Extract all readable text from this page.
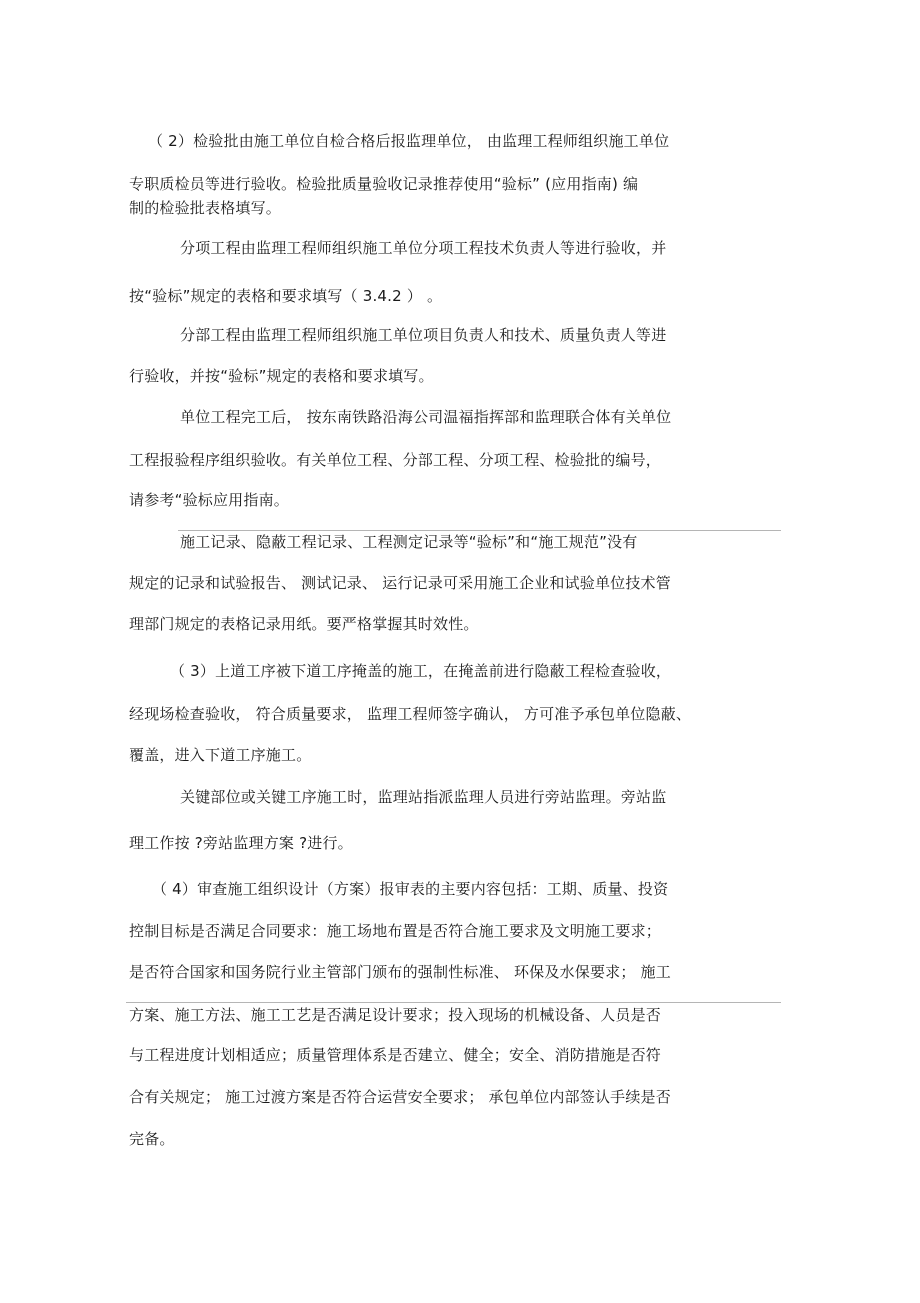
（ 2）检验批由施工单位自检合格后报监理单位， 由监理工程师组织施工单位
专职质检员等进行验收。检验批质量验收记录推荐使用“验标” (应用指南) 编
制的检验批表格填写。
分项工程由监理工程师组织施工单位分项工程技术负责人等进行验收，并
按“验标”规定的表格和要求填写（ 3.4.2 ） 。
分部工程由监理工程师组织施工单位项目负责人和技术、质量负责人等进
行验收，并按“验标”规定的表格和要求填写。
单位工程完工后， 按东南铁路沿海公司温福指挥部和监理联合体有关单位
工程报验程序组织验收。有关单位工程、分部工程、分项工程、检验批的编号，
请参考“验标应用指南。
施工记录、隐蔽工程记录、工程测定记录等“验标”和“施工规范”没有
规定的记录和试验报告、 测试记录、 运行记录可采用施工企业和试验单位技术管
理部门规定的表格记录用纸。要严格掌握其时效性。
（ 3）上道工序被下道工序掩盖的施工，在掩盖前进行隐蔽工程检查验收，
经现场检查验收， 符合质量要求， 监理工程师签字确认， 方可准予承包单位隐蔽、
覆盖，进入下道工序施工。
关键部位或关键工序施工时，监理站指派监理人员进行旁站监理。旁站监
理工作按 ?旁站监理方案 ?进行。
（ 4）审查施工组织设计（方案）报审表的主要内容包括：工期、质量、投资
控制目标是否满足合同要求：施工场地布置是否符合施工要求及文明施工要求；
是否符合国家和国务院行业主管部门颁布的强制性标准、 环保及水保要求； 施工
方案、施工方法、施工工艺是否满足设计要求；投入现场的机械设备、人员是否
与工程进度计划相适应；质量管理体系是否建立、健全；安全、消防措施是否符
合有关规定； 施工过渡方案是否符合运营安全要求； 承包单位内部签认手续是否
完备。
